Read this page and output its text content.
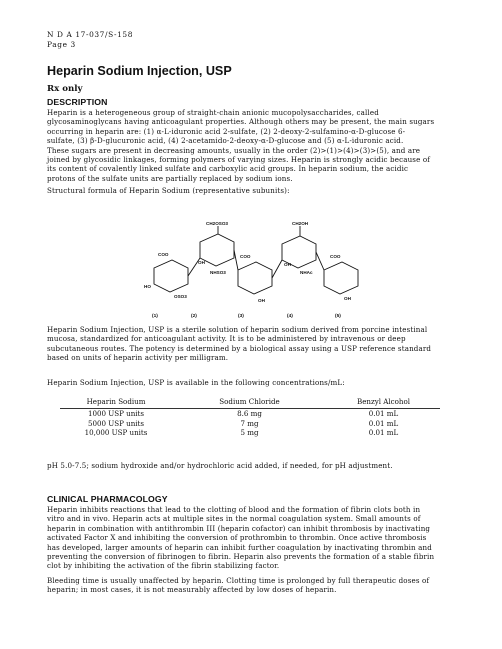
N D A 17-037/S-158
Page 3
Heparin Sodium Injection, USP
Rx only
DESCRIPTION
Heparin is a heterogeneous group of straight-chain anionic mucopolysaccharides, called
glycosaminoglycans having anticoagulant properties. Although others may be present, the main sugars
occurring in heparin are: (1) α-L-iduronic acid 2-sulfate, (2) 2-deoxy-2-sulfamino-α-D-glucose 6-
sulfate, (3) β-D-glucuronic acid, (4) 2-acetamido-2-deoxy-α-D-glucose and (5) α-L-iduronic acid.
These sugars are present in decreasing amounts, usually in the order (2)>(1)>(4)>(3)>(5), and are
joined by glycosidic linkages, forming polymers of varying sizes. Heparin is strongly acidic because of
its content of covalently linked sulfate and carboxylic acid groups. In heparin sodium, the acidic
protons of the sulfate units are partially replaced by sodium ions.
Structural formula of Heparin Sodium (representative subunits):
CH2OSO3	CH2OH
OH
NHSO3
COO
OSO3
COO
OH
NHAc
COO
HO
OH	OH
(1)	(2)	(3)	(4)	(5)
Heparin Sodium Injection, USP is a sterile solution of heparin sodium derived from porcine intestinal
mucosa, standardized for anticoagulant activity. It is to be administered by intravenous or deep
subcutaneous routes. The potency is determined by a biological assay using a USP reference standard
based on units of heparin activity per milligram.
Heparin Sodium Injection, USP is available in the following concentrations/mL:
Heparin Sodium	Sodium Chloride	Benzyl Alcohol
1000 USP units	8.6 mg	0.01 mL
5000 USP units	7 mg	0.01 mL
10,000 USP units	5 mg	0.01 mL
pH 5.0-7.5; sodium hydroxide and/or hydrochloric acid added, if needed, for pH adjustment.
CLINICAL PHARMACOLOGY
Heparin inhibits reactions that lead to the clotting of blood and the formation of fibrin clots both in
vitro and in vivo. Heparin acts at multiple sites in the normal coagulation system. Small amounts of
heparin in combination with antithrombin III (heparin cofactor) can inhibit thrombosis by inactivating
activated Factor X and inhibiting the conversion of prothrombin to thrombin. Once active thrombosis
has developed, larger amounts of heparin can inhibit further coagulation by inactivating thrombin and
preventing the conversion of fibrinogen to fibrin. Heparin also prevents the formation of a stable fibrin
clot by inhibiting the activation of the fibrin stabilizing factor.
Bleeding time is usually unaffected by heparin. Clotting time is prolonged by full therapeutic doses of
heparin; in most cases, it is not measurably affected by low doses of heparin.
